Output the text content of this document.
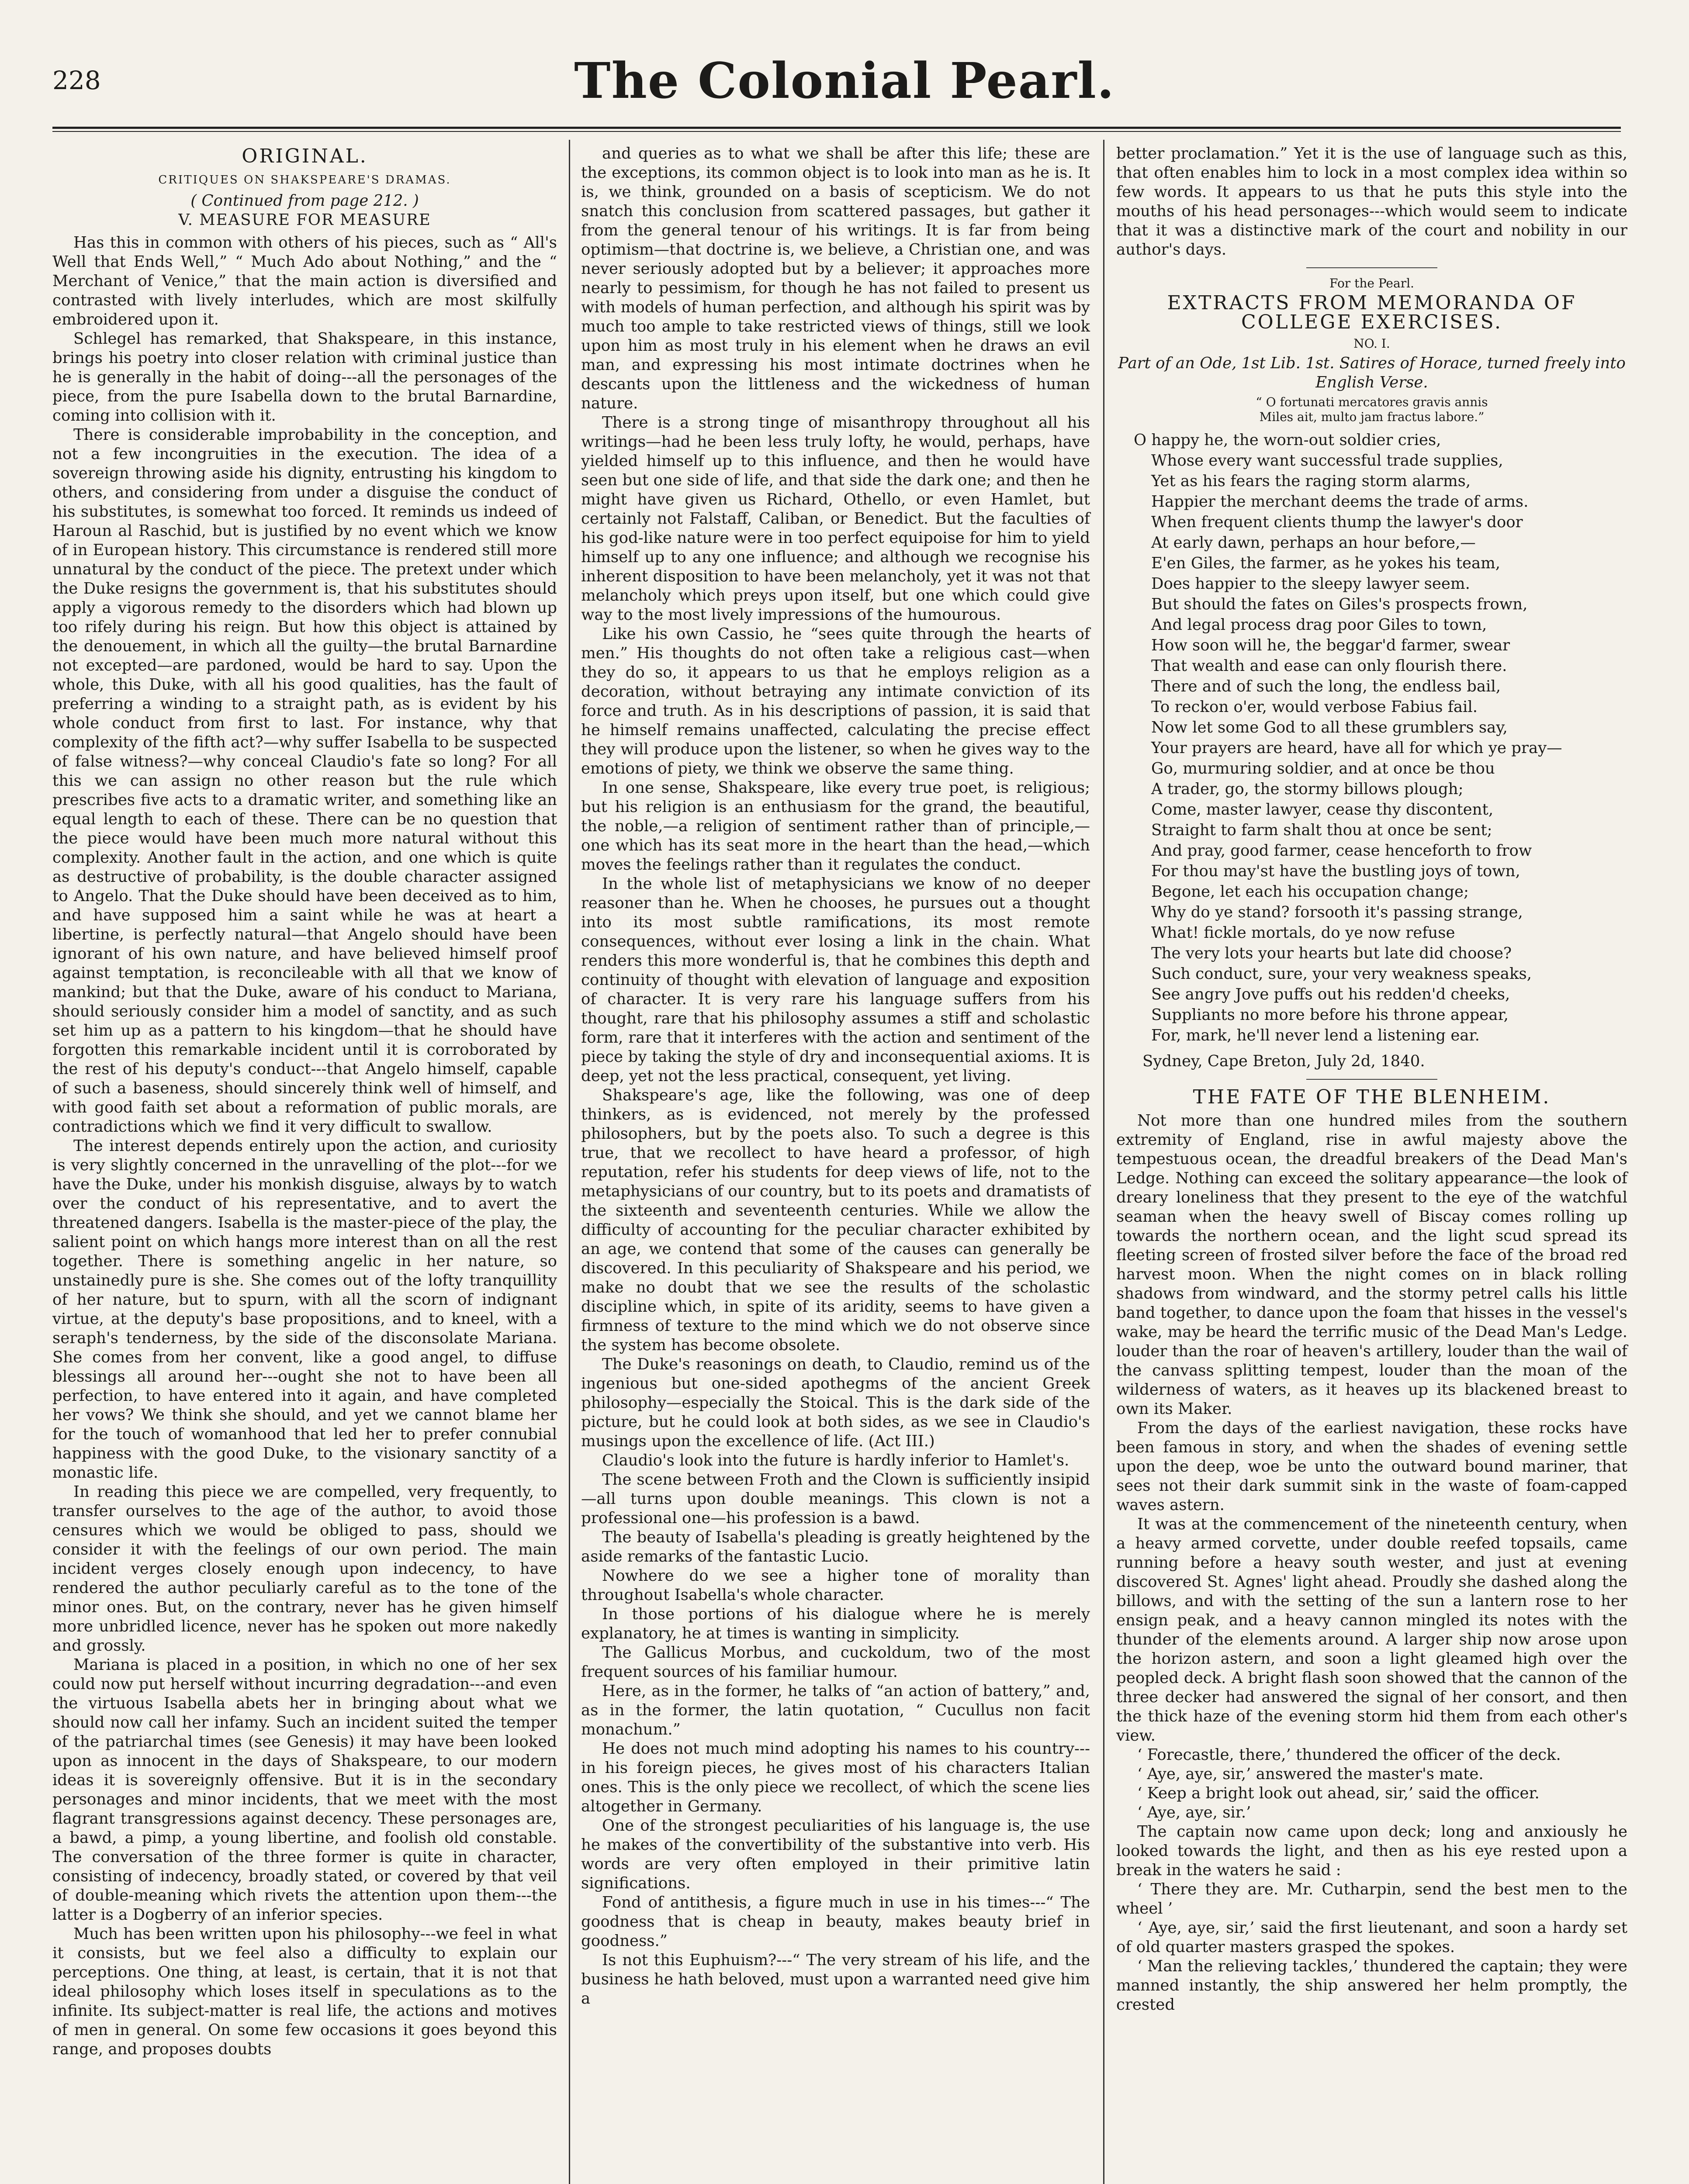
228	The Colonial Pearl.
ORIGINAL.
CRITIQUES ON SHAKSPEARE'S DRAMAS.
( Continued from page 212. )
V. MEASURE FOR MEASURE

Has this in common with others of his pieces, such as “ All's Well that Ends Well,” “ Much Ado about Nothing,” and the “ Merchant of Venice,” that the main action is diversified and contrasted with lively interludes, which are most skilfully embroidered upon it.

Schlegel has remarked, that Shakspeare, in this instance, brings his poetry into closer relation with criminal justice than he is generally in the habit of doing---all the personages of the piece, from the pure Isabella down to the brutal Barnardine, coming into collision with it.

There is considerable improbability in the conception, and not a few incongruities in the execution. The idea of a sovereign throwing aside his dignity, entrusting his kingdom to others, and considering from under a disguise the conduct of his substitutes, is somewhat too forced. It reminds us indeed of Haroun al Raschid, but is justified by no event which we know of in European history. This circumstance is rendered still more unnatural by the conduct of the piece. The pretext under which the Duke resigns the government is, that his substitutes should apply a vigorous remedy to the disorders which had blown up too rifely during his reign. But how this object is attained by the denouement, in which all the guilty—the brutal Barnardine not excepted—are pardoned, would be hard to say. Upon the whole, this Duke, with all his good qualities, has the fault of preferring a winding to a straight path, as is evident by his whole conduct from first to last. For instance, why that complexity of the fifth act?—why suffer Isabella to be suspected of false witness?—why conceal Claudio's fate so long? For all this we can assign no other reason but the rule which prescribes five acts to a dramatic writer, and something like an equal length to each of these. There can be no question that the piece would have been much more natural without this complexity. Another fault in the action, and one which is quite as destructive of probability, is the double character assigned to Angelo. That the Duke should have been deceived as to him, and have supposed him a saint while he was at heart a libertine, is perfectly natural—that Angelo should have been ignorant of his own nature, and have believed himself proof against temptation, is reconcileable with all that we know of mankind; but that the Duke, aware of his conduct to Mariana, should seriously consider him a model of sanctity, and as such set him up as a pattern to his kingdom—that he should have forgotten this remarkable incident until it is corroborated by the rest of his deputy's conduct---that Angelo himself, capable of such a baseness, should sincerely think well of himself, and with good faith set about a reformation of public morals, are contradictions which we find it very difficult to swallow.

The interest depends entirely upon the action, and curiosity is very slightly concerned in the unravelling of the plot---for we have the Duke, under his monkish disguise, always by to watch over the conduct of his representative, and to avert the threatened dangers. Isabella is the master-piece of the play, the salient point on which hangs more interest than on all the rest together. There is something angelic in her nature, so unstainedly pure is she. She comes out of the lofty tranquillity of her nature, but to spurn, with all the scorn of indignant virtue, at the deputy's base propositions, and to kneel, with a seraph's tenderness, by the side of the disconsolate Mariana. She comes from her convent, like a good angel, to diffuse blessings all around her---ought she not to have been all perfection, to have entered into it again, and have completed her vows? We think she should, and yet we cannot blame her for the touch of womanhood that led her to prefer connubial happiness with the good Duke, to the visionary sanctity of a monastic life.

In reading this piece we are compelled, very frequently, to transfer ourselves to the age of the author, to avoid those censures which we would be obliged to pass, should we consider it with the feelings of our own period. The main incident verges closely enough upon indecency, to have rendered the author peculiarly careful as to the tone of the minor ones. But, on the contrary, never has he given himself more unbridled licence, never has he spoken out more nakedly and grossly.

Mariana is placed in a position, in which no one of her sex could now put herself without incurring degradation---and even the virtuous Isabella abets her in bringing about what we should now call her infamy. Such an incident suited the temper of the patriarchal times (see Genesis) it may have been looked upon as innocent in the days of Shakspeare, to our modern ideas it is sovereignly offensive. But it is in the secondary personages and minor incidents, that we meet with the most flagrant transgressions against decency. These personages are, a bawd, a pimp, a young libertine, and foolish old constable. The conversation of the three former is quite in character, consisting of indecency, broadly stated, or covered by that veil of double-meaning which rivets the attention upon them---the latter is a Dogberry of an inferior species.

Much has been written upon his philosophy---we feel in what it consists, but we feel also a difficulty to explain our perceptions. One thing, at least, is certain, that it is not that ideal philosophy which loses itself in speculations as to the infinite. Its subject-matter is real life, the actions and motives of men in general. On some few occasions it goes beyond this range, and proposes doubts

and queries as to what we shall be after this life; these are the exceptions, its common object is to look into man as he is. It is, we think, grounded on a basis of scepticism. We do not snatch this conclusion from scattered passages, but gather it from the general tenour of his writings. It is far from being optimism—that doctrine is, we believe, a Christian one, and was never seriously adopted but by a believer; it approaches more nearly to pessimism, for though he has not failed to present us with models of human perfection, and although his spirit was by much too ample to take restricted views of things, still we look upon him as most truly in his element when he draws an evil man, and expressing his most intimate doctrines when he descants upon the littleness and the wickedness of human nature.

There is a strong tinge of misanthropy throughout all his writings—had he been less truly lofty, he would, perhaps, have yielded himself up to this influence, and then he would have seen but one side of life, and that side the dark one; and then he might have given us Richard, Othello, or even Hamlet, but certainly not Falstaff, Caliban, or Benedict. But the faculties of his god-like nature were in too perfect equipoise for him to yield himself up to any one influence; and although we recognise his inherent disposition to have been melancholy, yet it was not that melancholy which preys upon itself, but one which could give way to the most lively impressions of the humourous.

Like his own Cassio, he “sees quite through the hearts of men.” His thoughts do not often take a religious cast—when they do so, it appears to us that he employs religion as a decoration, without betraying any intimate conviction of its force and truth. As in his descriptions of passion, it is said that he himself remains unaffected, calculating the precise effect they will produce upon the listener, so when he gives way to the emotions of piety, we think we observe the same thing.

In one sense, Shakspeare, like every true poet, is religious; but his religion is an enthusiasm for the grand, the beautiful, the noble,—a religion of sentiment rather than of principle,—one which has its seat more in the heart than the head,—which moves the feelings rather than it regulates the conduct.

In the whole list of metaphysicians we know of no deeper reasoner than he. When he chooses, he pursues out a thought into its most subtle ramifications, its most remote consequences, without ever losing a link in the chain. What renders this more wonderful is, that he combines this depth and continuity of thought with elevation of language and exposition of character. It is very rare his language suffers from his thought, rare that his philosophy assumes a stiff and scholastic form, rare that it interferes with the action and sentiment of the piece by taking the style of dry and inconsequential axioms. It is deep, yet not the less practical, consequent, yet living.

Shakspeare's age, like the following, was one of deep thinkers, as is evidenced, not merely by the professed philosophers, but by the poets also. To such a degree is this true, that we recollect to have heard a professor, of high reputation, refer his students for deep views of life, not to the metaphysicians of our country, but to its poets and dramatists of the sixteenth and seventeenth centuries. While we allow the difficulty of accounting for the peculiar character exhibited by an age, we contend that some of the causes can generally be discovered. In this peculiarity of Shakspeare and his period, we make no doubt that we see the results of the scholastic discipline which, in spite of its aridity, seems to have given a firmness of texture to the mind which we do not observe since the system has become obsolete.

The Duke's reasonings on death, to Claudio, remind us of the ingenious but one-sided apothegms of the ancient Greek philosophy—especially the Stoical. This is the dark side of the picture, but he could look at both sides, as we see in Claudio's musings upon the excellence of life. (Act III.)

Claudio's look into the future is hardly inferior to Hamlet's.

The scene between Froth and the Clown is sufficiently insipid—all turns upon double meanings. This clown is not a professional one—his profession is a bawd.

The beauty of Isabella's pleading is greatly heightened by the aside remarks of the fantastic Lucio.

Nowhere do we see a higher tone of morality than throughout Isabella's whole character.

In those portions of his dialogue where he is merely explanatory, he at times is wanting in simplicity.

The Gallicus Morbus, and cuckoldum, two of the most frequent sources of his familiar humour.

Here, as in the former, he talks of “an action of battery,” and, as in the former, the latin quotation, “ Cucullus non facit monachum.”

He does not much mind adopting his names to his country---in his foreign pieces, he gives most of his characters Italian ones. This is the only piece we recollect, of which the scene lies altogether in Germany.

One of the strongest peculiarities of his language is, the use he makes of the convertibility of the substantive into verb. His words are very often employed in their primitive latin significations.

Fond of antithesis, a figure much in use in his times---“ The goodness that is cheap in beauty, makes beauty brief in goodness.”

Is not this Euphuism?---“ The very stream of his life, and the business he hath beloved, must upon a warranted need give him a

better proclamation.” Yet it is the use of language such as this, that often enables him to lock in a most complex idea within so few words. It appears to us that he puts this style into the mouths of his head personages---which would seem to indicate that it was a distinctive mark of the court and nobility in our author's days.

For the Pearl.
EXTRACTS FROM MEMORANDA OF COLLEGE EXERCISES.
NO. I.
Part of an Ode, 1st Lib. 1st. Satires of Horace, turned freely into English Verse.
“ O fortunati mercatores gravis annis
Miles ait, multo jam fractus labore.”
O happy he, the worn-out soldier cries,
Whose every want successful trade supplies,
Yet as his fears the raging storm alarms,
Happier the merchant deems the trade of arms.
When frequent clients thump the lawyer's door
At early dawn, perhaps an hour before,—
E'en Giles, the farmer, as he yokes his team,
Does happier to the sleepy lawyer seem.
But should the fates on Giles's prospects frown,
And legal process drag poor Giles to town,
How soon will he, the beggar'd farmer, swear
That wealth and ease can only flourish there.
There and of such the long, the endless bail,
To reckon o'er, would verbose Fabius fail.
Now let some God to all these grumblers say,
Your prayers are heard, have all for which ye pray—
Go, murmuring soldier, and at once be thou
A trader, go, the stormy billows plough;
Come, master lawyer, cease thy discontent,
Straight to farm shalt thou at once be sent;
And pray, good farmer, cease henceforth to frow
For thou may'st have the bustling joys of town,
Begone, let each his occupation change;
Why do ye stand? forsooth it's passing strange,
What! fickle mortals, do ye now refuse
The very lots your hearts but late did choose?
Such conduct, sure, your very weakness speaks,
See angry Jove puffs out his redden'd cheeks,
Suppliants no more before his throne appear,
For, mark, he'll never lend a listening ear.
Sydney, Cape Breton, July 2d, 1840.
THE FATE OF THE BLENHEIM.

Not more than one hundred miles from the southern extremity of England, rise in awful majesty above the tempestuous ocean, the dreadful breakers of the Dead Man's Ledge. Nothing can exceed the solitary appearance—the look of dreary loneliness that they present to the eye of the watchful seaman when the heavy swell of Biscay comes rolling up towards the northern ocean, and the light scud spread its fleeting screen of frosted silver before the face of the broad red harvest moon. When the night comes on in black rolling shadows from windward, and the stormy petrel calls his little band together, to dance upon the foam that hisses in the vessel's wake, may be heard the terrific music of the Dead Man's Ledge. louder than the roar of heaven's artillery, louder than the wail of the canvass splitting tempest, louder than the moan of the wilderness of waters, as it heaves up its blackened breast to own its Maker.

From the days of the earliest navigation, these rocks have been famous in story, and when the shades of evening settle upon the deep, woe be unto the outward bound mariner, that sees not their dark summit sink in the waste of foam-capped waves astern.

It was at the commencement of the nineteenth century, when a heavy armed corvette, under double reefed topsails, came running before a heavy south wester, and just at evening discovered St. Agnes' light ahead. Proudly she dashed along the billows, and with the setting of the sun a lantern rose to her ensign peak, and a heavy cannon mingled its notes with the thunder of the elements around. A larger ship now arose upon the horizon astern, and soon a light gleamed high over the peopled deck. A bright flash soon showed that the cannon of the three decker had answered the signal of her consort, and then the thick haze of the evening storm hid them from each other's view.

‘ Forecastle, there,’ thundered the officer of the deck.

‘ Aye, aye, sir,’ answered the master's mate.

‘ Keep a bright look out ahead, sir,’ said the officer.

‘ Aye, aye, sir.’

The captain now came upon deck; long and anxiously he looked towards the light, and then as his eye rested upon a break in the waters he said :

‘ There they are. Mr. Cutharpin, send the best men to the wheel ’

‘ Aye, aye, sir,’ said the first lieutenant, and soon a hardy set of old quarter masters grasped the spokes.

‘ Man the relieving tackles,’ thundered the captain; they were manned instantly, the ship answered her helm promptly, the crested
